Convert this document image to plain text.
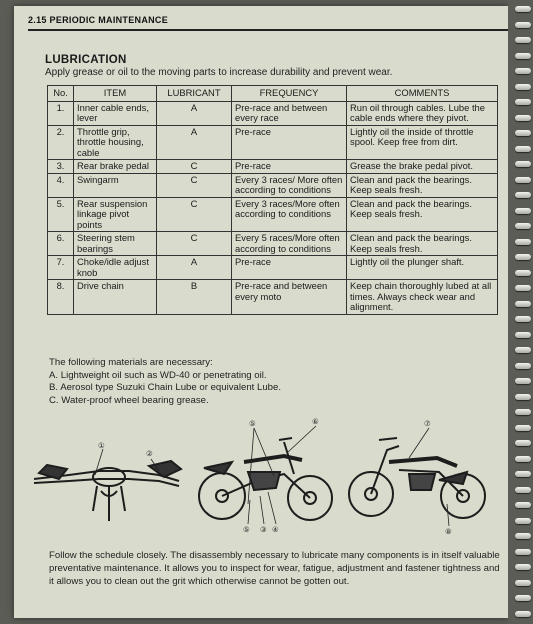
2.15 PERIODIC MAINTENANCE
LUBRICATION
Apply grease or oil to the moving parts to increase durability and prevent wear.
No.	ITEM	LUBRICANT	FREQUENCY	COMMENTS
1.	Inner cable ends, lever	A	Pre-race and between every race	Run oil through cables. Lube the cable ends where they pivot.
2.	Throttle grip, throttle housing, cable	A	Pre-race	Lightly oil the inside of throttle spool. Keep free from dirt.
3.	Rear brake pedal	C	Pre-race	Grease the brake pedal pivot.
4.	Swingarm	C	Every 3 races/ More often according to conditions	Clean and pack the bearings. Keep seals fresh.
5.	Rear suspension linkage pivot points	C	Every 3 races/More often according to conditions	Clean and pack the bearings. Keep seals fresh.
6.	Steering stem bearings	C	Every 5 races/More often according to conditions	Clean and pack the bearings. Keep seals fresh.
7.	Choke/idle adjust knob	A	Pre-race	Lightly oil the plunger shaft.
8.	Drive chain	B	Pre-race and between every moto	Keep chain thoroughly lubed at all times. Always check wear and alignment.
The following materials are necessary:
A. Lightweight oil such as WD-40 or penetrating oil.
B. Aerosol type Suzuki Chain Lube or equivalent Lube.
C. Water-proof wheel bearing grease.
①
②
⑤	⑥
⑤ ③ ④
⑦
⑧
Follow the schedule closely. The disassembly necessary to lubricate many components is in itself valuable preventative maintenance. It allows you to inspect for wear, fatigue, adjustment and fastener tightness and it allows you to clean out the grit which otherwise cannot be gotten out.
